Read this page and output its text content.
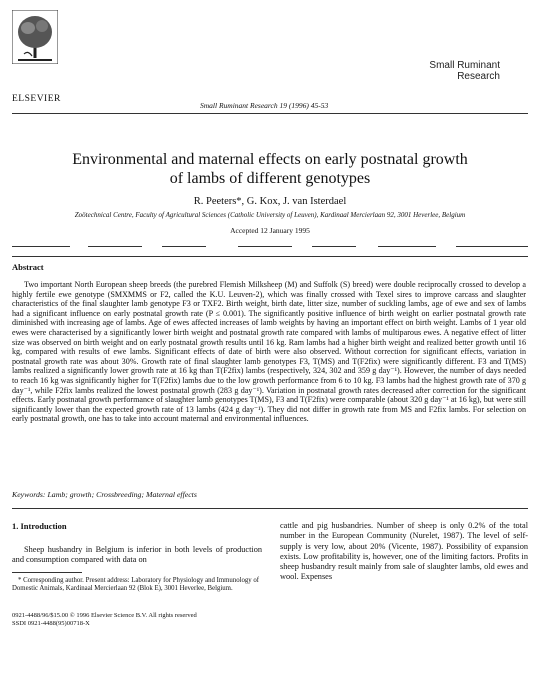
ELSEVIER
Small Ruminant Research 19 (1996) 45-53
Small Ruminant
Research
Environmental and maternal effects on early postnatal growth
of lambs of different genotypes
R. Peeters*, G. Kox, J. van Isterdael
Zoötechnical Centre, Faculty of Agricultural Sciences (Catholic University of Leuven), Kardinaal Mercierlaan 92, 3001 Heverlee, Belgium
Accepted 12 January 1995
Abstract
Two important North European sheep breeds (the purebred Flemish Milksheep (M) and Suffolk (S) breed) were double reciprocally crossed to develop a highly fertile ewe genotype (SMXMMS or F2, called the K.U. Leuven-2), which was finally crossed with Texel sires to improve carcass and slaughter characteristics of the final slaughter lamb genotype F3 or TXF2. Birth weight, birth date, litter size, number of suckling lambs, age of ewe and sex of lambs had a significant influence on early postnatal growth rate (P ≤ 0.001). The significantly positive influence of birth weight on earlier postnatal growth rate diminished with increasing age of lambs. Age of ewes affected increases of lamb weights by having an important effect on birth weight. Lambs of 1 year old ewes were characterised by a significantly lower birth weight and postnatal growth rate compared with lambs of multiparous ewes. A negative effect of litter size was observed on birth weight and on early postnatal growth results until 16 kg. Ram lambs had a higher birth weight and realized better growth until 16 kg, compared with results of ewe lambs. Significant effects of date of birth were also observed. Without correction for significant effects, variation in postnatal growth rate was about 30%. Growth rate of final slaughter lamb genotypes F3, T(MS) and T(F2fix) were significantly different. F3 and T(MS) lambs realized a significantly lower growth rate at 16 kg than T(F2fix) lambs (respectively, 324, 302 and 359 g day⁻¹). However, the number of days needed to reach 16 kg was significantly higher for T(F2fix) lambs due to the low growth performance from 6 to 10 kg. F3 lambs had the highest growth rate of 370 g day⁻¹, while F2fix lambs realized the lowest postnatal growth (283 g day⁻¹). Variation in postnatal growth rates decreased after correction for the significant effects. Early postnatal growth performance of slaughter lamb genotypes T(MS), F3 and T(F2fix) were comparable (about 320 g day⁻¹ at 16 kg), but were still significantly lower than the expected growth rate of 13 lambs (424 g day⁻¹). They did not differ in growth rate from MS and F2fix lambs. For selection on early postnatal growth, one has to take into account maternal and environmental influences.
Keywords: Lamb; growth; Crossbreeding; Maternal effects
1. Introduction
Sheep husbandry in Belgium is inferior in both levels of production and consumption compared with data on
* Corresponding author. Present address: Laboratory for Physiology and Immunology of Domestic Animals, Kardinaal Mercierlaan 92 (Blok E), 3001 Heverlee, Belgium.
0921-4488/96/$15.00 © 1996 Elsevier Science B.V. All rights reserved
SSDI 0921-4488(95)00718-X
cattle and pig husbandries. Number of sheep is only 0.2% of the total number in the European Community (Nurelet, 1987). The level of self-supply is very low, about 20% (Vicente, 1987). Possibility of expansion exists. Low profitability is, however, one of the limiting factors. Profits in sheep husbandry result mainly from sale of slaughter lambs, old ewes and wool. Expenses
